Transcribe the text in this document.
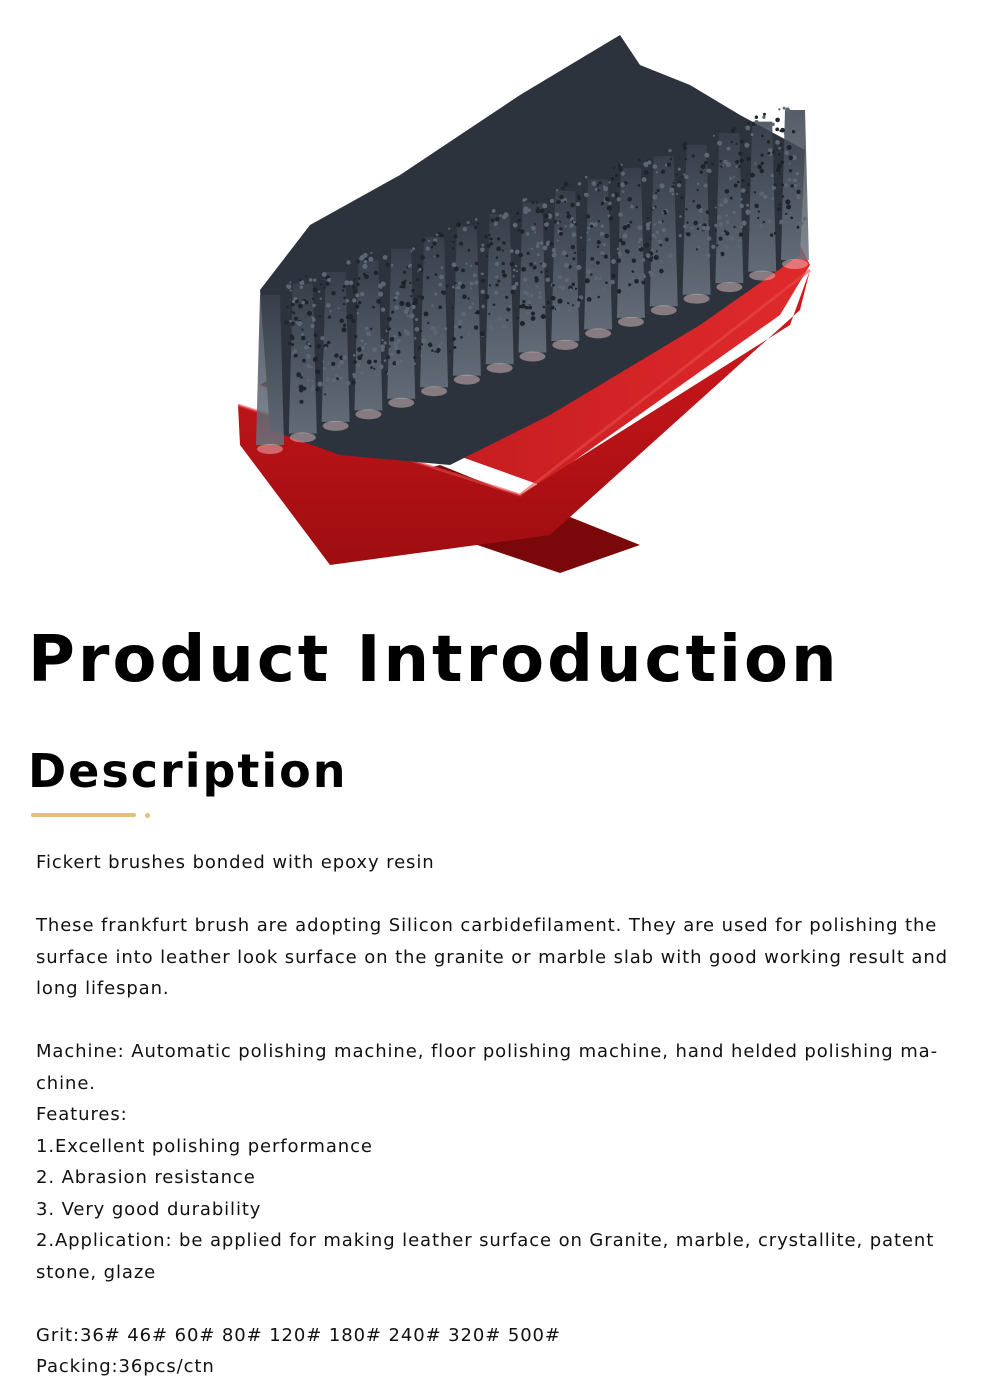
Product Introduction
Description

Fickert brushes bonded with epoxy resin

These frankfurt brush are adopting Silicon carbidefilament. They are used for polishing the surface into leather look surface on the granite or marble slab with good working result and long lifespan.

Machine: Automatic polishing machine, floor polishing machine, hand helded polishing ma-chine.

Features:

1.Excellent polishing performance

2. Abrasion resistance

3. Very good durability

2.Application: be applied for making leather surface on Granite, marble, crystallite, patent stone, glaze

Grit:36# 46# 60# 80# 120# 180# 240# 320# 500#

Packing:36pcs/ctn
